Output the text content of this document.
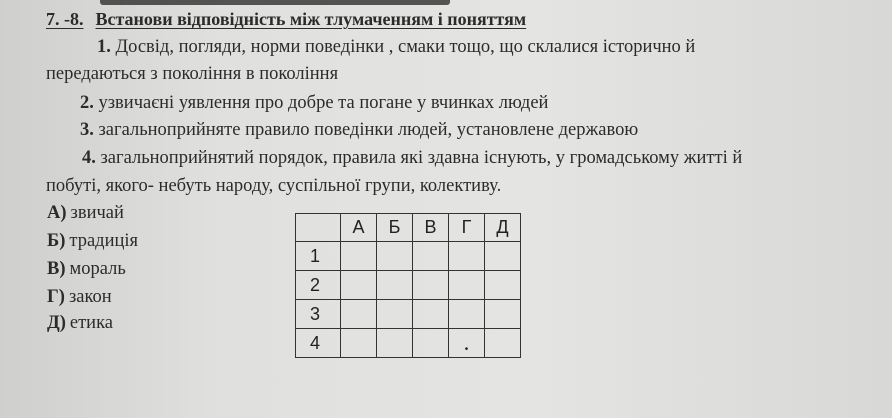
7. -8. Встанови відповідність між тлумаченням і поняттям
1. Досвід, погляди, норми поведінки , смаки тощо, що склалися історично й
передаються з покоління в покоління
2. узвичаєні уявлення про добре та погане у вчинках людей
3. загальноприйняте правило поведінки людей, установлене державою
4. загальноприйнятий порядок, правила які здавна існують, у громадському житті й
побуті, якого- небуть народу, суспільної групи, колективу.
А) звичай
Б) традиція
В) мораль
Г) закон
Д) етика
	А	Б	В	Г	Д
1					
2					
3					
4				•	
